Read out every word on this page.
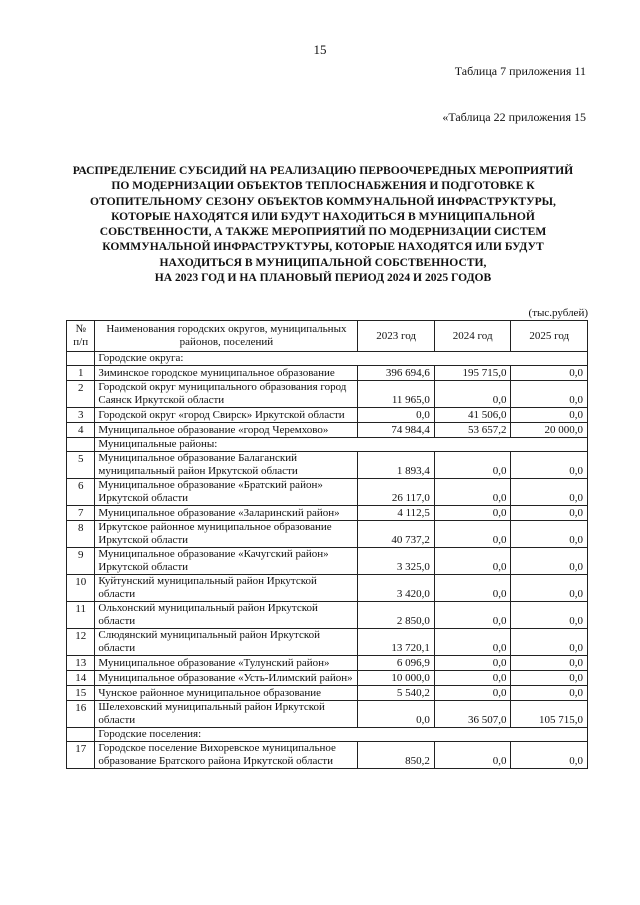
15
Таблица 7 приложения 11
«Таблица 22 приложения 15
РАСПРЕДЕЛЕНИЕ СУБСИДИЙ НА РЕАЛИЗАЦИЮ ПЕРВООЧЕРЕДНЫХ МЕРОПРИЯТИЙ
ПО МОДЕРНИЗАЦИИ ОБЪЕКТОВ ТЕПЛОСНАБЖЕНИЯ И ПОДГОТОВКЕ К
ОТОПИТЕЛЬНОМУ СЕЗОНУ ОБЪЕКТОВ КОММУНАЛЬНОЙ ИНФРАСТРУКТУРЫ,
КОТОРЫЕ НАХОДЯТСЯ ИЛИ БУДУТ НАХОДИТЬСЯ В МУНИЦИПАЛЬНОЙ
СОБСТВЕННОСТИ, А ТАКЖЕ МЕРОПРИЯТИЙ ПО МОДЕРНИЗАЦИИ СИСТЕМ
КОММУНАЛЬНОЙ ИНФРАСТРУКТУРЫ, КОТОРЫЕ НАХОДЯТСЯ ИЛИ БУДУТ
НАХОДИТЬСЯ В МУНИЦИПАЛЬНОЙ СОБСТВЕННОСТИ,
НА 2023 ГОД И НА ПЛАНОВЫЙ ПЕРИОД 2024 И 2025 ГОДОВ
(тыс.рублей)
№ п/п	Наименования городских округов, муниципальных районов, поселений	2023 год	2024 год	2025 год
	Городские округа:			
1	Зиминское городское муниципальное образование	396 694,6	195 715,0	0,0
2	Городской округ муниципального образования город Саянск Иркутской области	11 965,0	0,0	0,0
3	Городской округ «город Свирск» Иркутской области	0,0	41 506,0	0,0
4	Муниципальное образование «город Черемхово»	74 984,4	53 657,2	20 000,0
	Муниципальные районы:			
5	Муниципальное образование Балаганский муниципальный район Иркутской области	1 893,4	0,0	0,0
6	Муниципальное образование «Братский район» Иркутской области	26 117,0	0,0	0,0
7	Муниципальное образование «Заларинский район»	4 112,5	0,0	0,0
8	Иркутское районное муниципальное образование Иркутской области	40 737,2	0,0	0,0
9	Муниципальное образование «Качугский район» Иркутской области	3 325,0	0,0	0,0
10	Куйтунский муниципальный район Иркутской области	3 420,0	0,0	0,0
11	Ольхонский муниципальный район Иркутской области	2 850,0	0,0	0,0
12	Слюдянский муниципальный район Иркутской области	13 720,1	0,0	0,0
13	Муниципальное образование «Тулунский район»	6 096,9	0,0	0,0
14	Муниципальное образование «Усть-Илимский район»	10 000,0	0,0	0,0
15	Чунское районное муниципальное образование	5 540,2	0,0	0,0
16	Шелеховский муниципальный район Иркутской области	0,0	36 507,0	105 715,0
	Городские поселения:			
17	Городское поселение Вихоревское муниципальное образование Братского района Иркутской области	850,2	0,0	0,0
